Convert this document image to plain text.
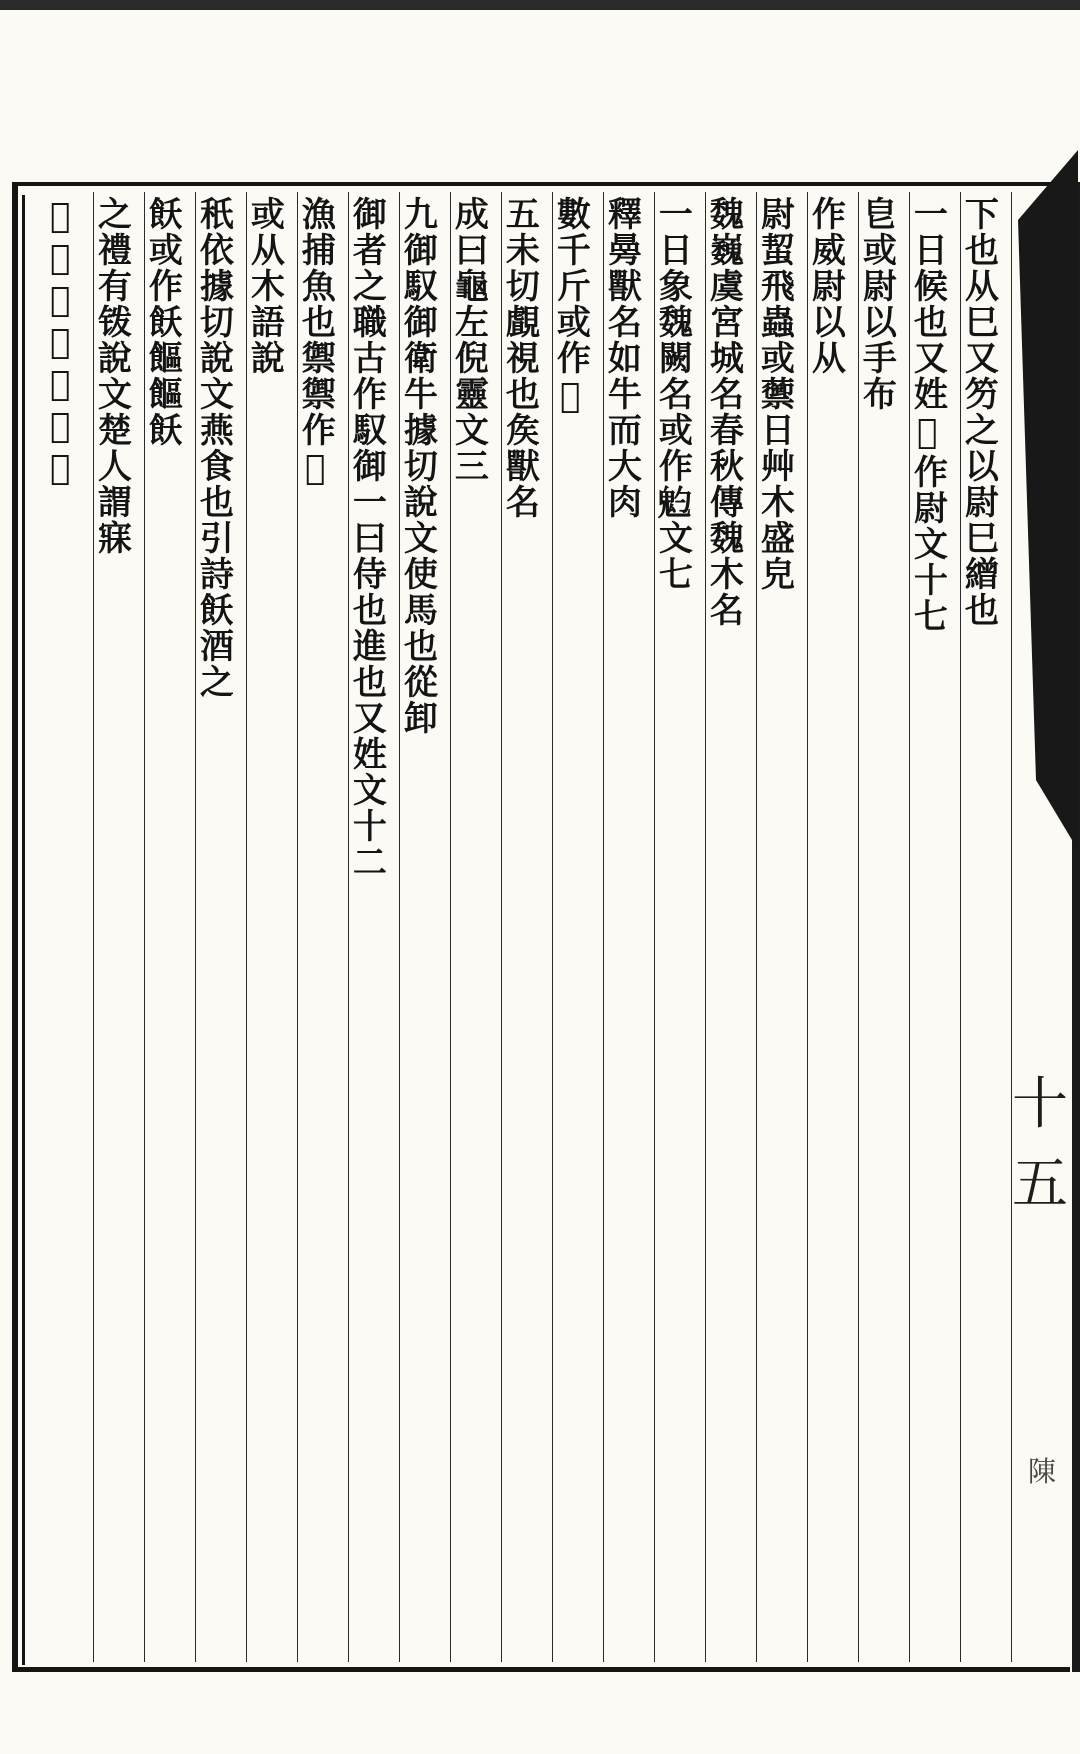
下也从巳又䇖之以尉巳繒也
一日候也又姓𦊊作尉文十七
皀或尉以手布
作威尉以从
尉蛪飛蟲或蘌日艸木盛皃
魏巍虞宮城名春秋傳魏木名
一日象魏闕名或作𩲃文七
釋㬅獸名如牛而大肉
數千斤或作𩗀
五未切覰視也矦獸名
成曰龜左倪靈文三
九御馭御衛牛據切說文使馬也從卸
御者之職古作馭御一曰侍也進也又姓文十二
漁捕魚也禦禦作𩠂
或从木語說
秖依據切說文燕食也引詩飫酒之
飫或作飫饇饇飫
之禮有䥽說文楚人謂寐
𢬍禁日䥽或作寤
十五
陳
